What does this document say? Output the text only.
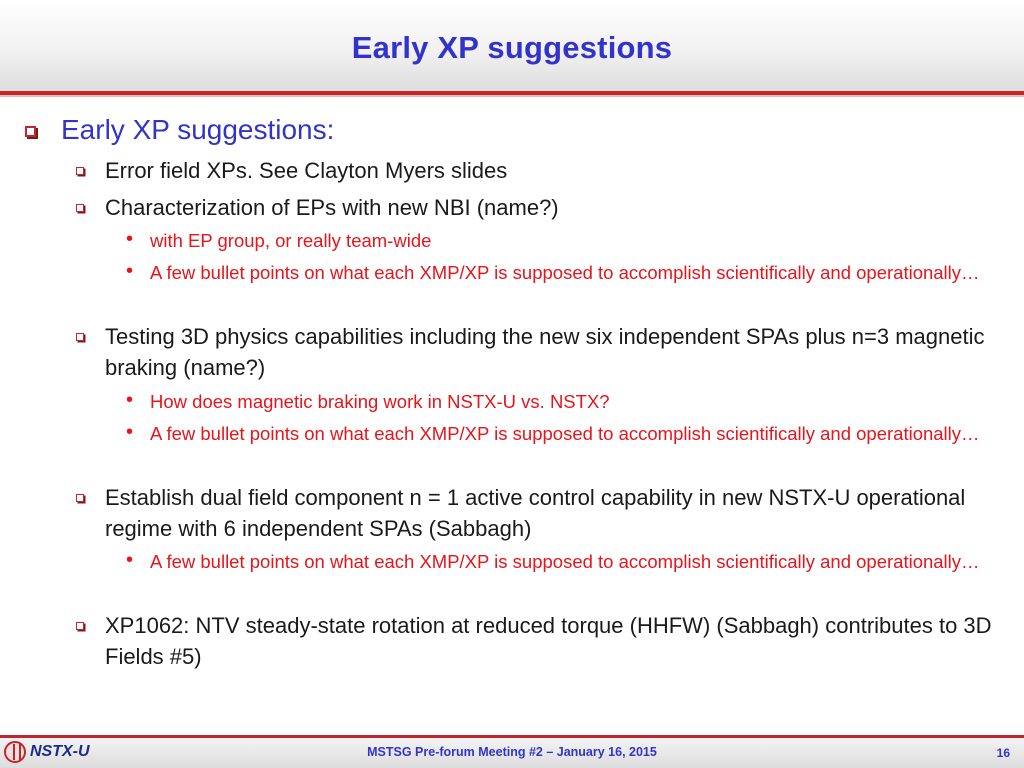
Early XP suggestions
Early XP suggestions:
Error field XPs. See Clayton Myers slides
Characterization of EPs with new NBI (name?)
• with EP group, or really team-wide
• A few bullet points on what each XMP/XP is supposed to accomplish scientifically and operationally…
Testing 3D physics capabilities including the new six independent SPAs plus n=3 magnetic braking (name?)
• How does magnetic braking work in NSTX-U vs. NSTX?
• A few bullet points on what each XMP/XP is supposed to accomplish scientifically and operationally…
Establish dual field component n = 1 active control capability in new NSTX-U operational regime with 6 independent SPAs (Sabbagh)
• A few bullet points on what each XMP/XP is supposed to accomplish scientifically and operationally…
XP1062: NTV steady-state rotation at reduced torque (HHFW) (Sabbagh) contributes to 3D Fields #5)
NSTX-U	MSTSG Pre-forum Meeting #2 – January 16, 2015	16
